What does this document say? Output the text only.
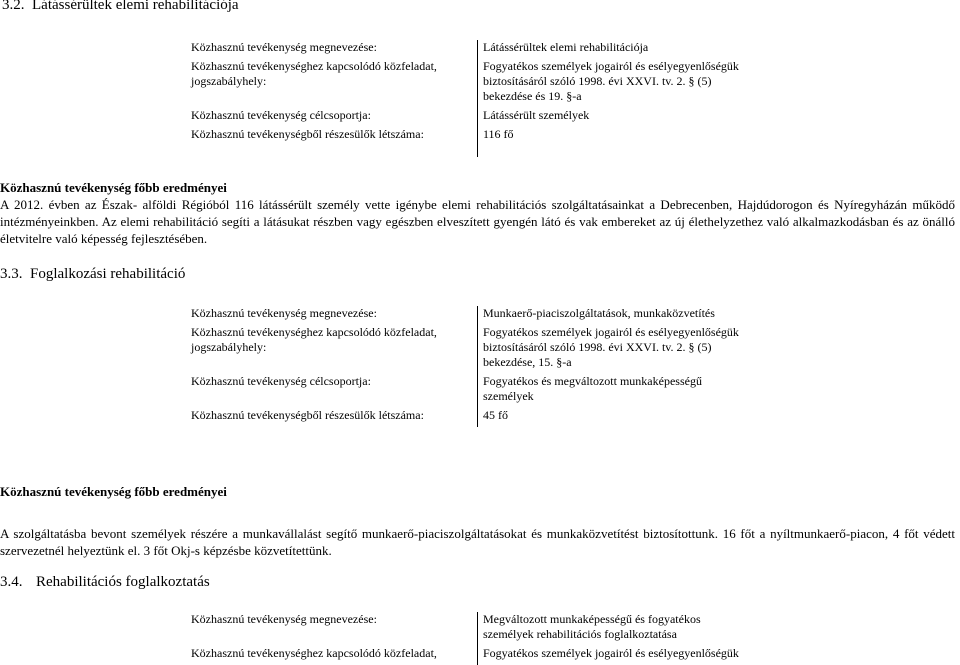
3.2. Látássérültek elemi rehabilitációja
Közhasznú tevékenység megnevezése:	Látássérültek elemi rehabilitációja
Közhasznú tevékenységhez kapcsolódó közfeladat, jogszabályhely:	Fogyatékos személyek jogairól és esélyegyenlőségük biztosításáról szóló 1998. évi XXVI. tv. 2. § (5) bekezdése és 19. §-a
Közhasznú tevékenység célcsoportja:	Látássérült személyek
Közhasznú tevékenységből részesülők létszáma:	116 fő
Közhasznú tevékenység főbb eredményei
A 2012. évben az Észak- alföldi Régióból 116 látássérült személy vette igénybe elemi rehabilitációs szolgáltatásainkat a Debrecenben, Hajdúdorogon és Nyíregyházán működő intézményeinkben. Az elemi rehabilitáció segíti a látásukat részben vagy egészben elveszített gyengén látó és vak embereket az új élethelyzethez való alkalmazkodásban és az önálló életvitelre való képesség fejlesztésében.
3.3. Foglalkozási rehabilitáció
Közhasznú tevékenység megnevezése:	Munkaerő-piaciszolgáltatások, munkaközvetítés
Közhasznú tevékenységhez kapcsolódó közfeladat, jogszabályhely:	Fogyatékos személyek jogairól és esélyegyenlőségük biztosításáról szóló 1998. évi XXVI. tv. 2. § (5) bekezdése, 15. §-a
Közhasznú tevékenység célcsoportja:	Fogyatékos és megváltozott munkaképességű személyek
Közhasznú tevékenységből részesülők létszáma:	45 fő
Közhasznú tevékenység főbb eredményei
A szolgáltatásba bevont személyek részére a munkavállalást segítő munkaerő-piaciszolgáltatásokat és munkaközvetítést biztosítottunk. 16 főt a nyíltmunkaerő-piacon, 4 főt védett szervezetnél helyeztünk el. 3 főt Okj-s képzésbe közvetítettünk.
3.4. Rehabilitációs foglalkoztatás
Közhasznú tevékenység megnevezése:	Megváltozott munkaképességű és fogyatékos személyek rehabilitációs foglalkoztatása
Közhasznú tevékenységhez kapcsolódó közfeladat,	Fogyatékos személyek jogairól és esélyegyenlőségük
